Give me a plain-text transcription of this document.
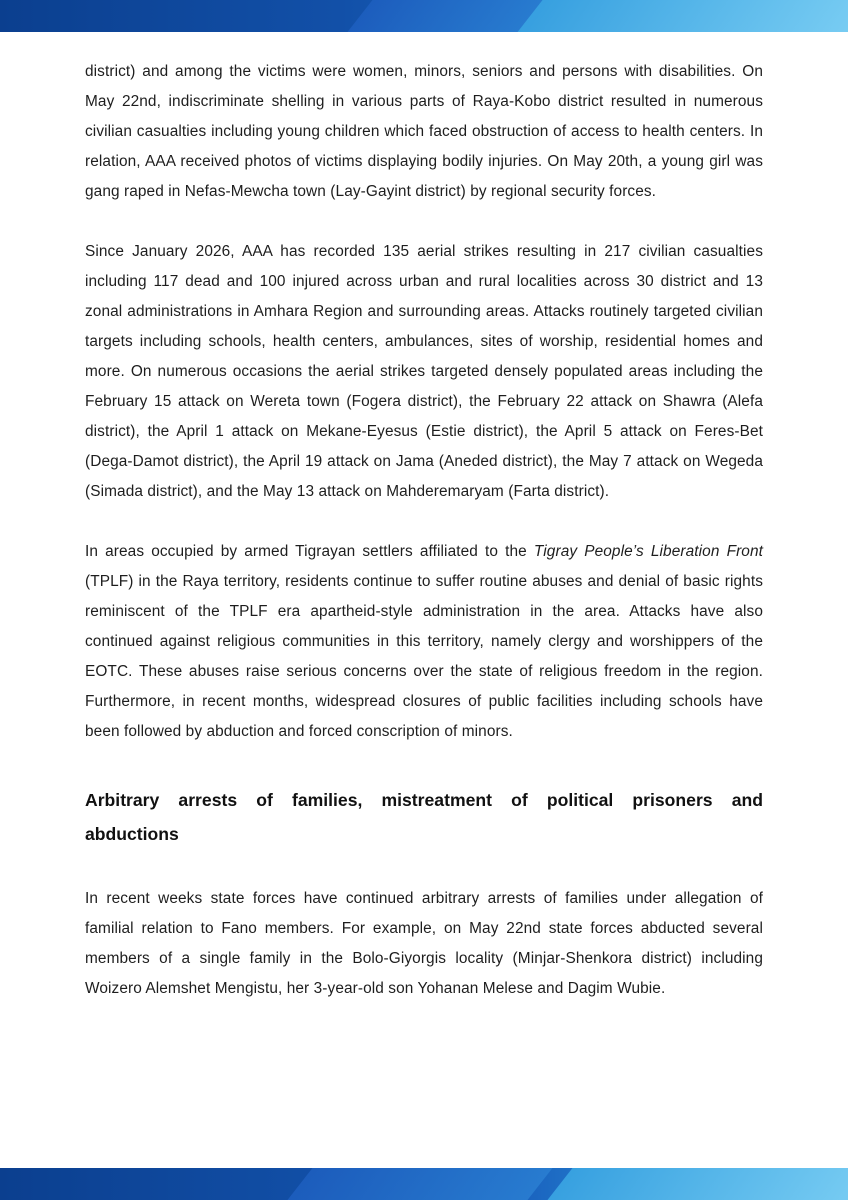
district) and among the victims were women, minors, seniors and persons with disabilities. On May 22nd, indiscriminate shelling in various parts of Raya-Kobo district resulted in numerous civilian casualties including young children which faced obstruction of access to health centers. In relation, AAA received photos of victims displaying bodily injuries. On May 20th, a young girl was gang raped in Nefas-Mewcha town (Lay-Gayint district) by regional security forces.

Since January 2026, AAA has recorded 135 aerial strikes resulting in 217 civilian casualties including 117 dead and 100 injured across urban and rural localities across 30 district and 13 zonal administrations in Amhara Region and surrounding areas. Attacks routinely targeted civilian targets including schools, health centers, ambulances, sites of worship, residential homes and more. On numerous occasions the aerial strikes targeted densely populated areas including the February 15 attack on Wereta town (Fogera district), the February 22 attack on Shawra (Alefa district), the April 1 attack on Mekane-Eyesus (Estie district), the April 5 attack on Feres-Bet (Dega-Damot district), the April 19 attack on Jama (Aneded district), the May 7 attack on Wegeda (Simada district), and the May 13 attack on Mahderemaryam (Farta district).

In areas occupied by armed Tigrayan settlers affiliated to the Tigray People’s Liberation Front (TPLF) in the Raya territory, residents continue to suffer routine abuses and denial of basic rights reminiscent of the TPLF era apartheid-style administration in the area. Attacks have also continued against religious communities in this territory, namely clergy and worshippers of the EOTC. These abuses raise serious concerns over the state of religious freedom in the region. Furthermore, in recent months, widespread closures of public facilities including schools have been followed by abduction and forced conscription of minors.

Arbitrary arrests of families, mistreatment of political prisoners and abductions

In recent weeks state forces have continued arbitrary arrests of families under allegation of familial relation to Fano members. For example, on May 22nd state forces abducted several members of a single family in the Bolo-Giyorgis locality (Minjar-Shenkora district) including Woizero Alemshet Mengistu, her 3-year-old son Yohanan Melese and Dagim Wubie.
